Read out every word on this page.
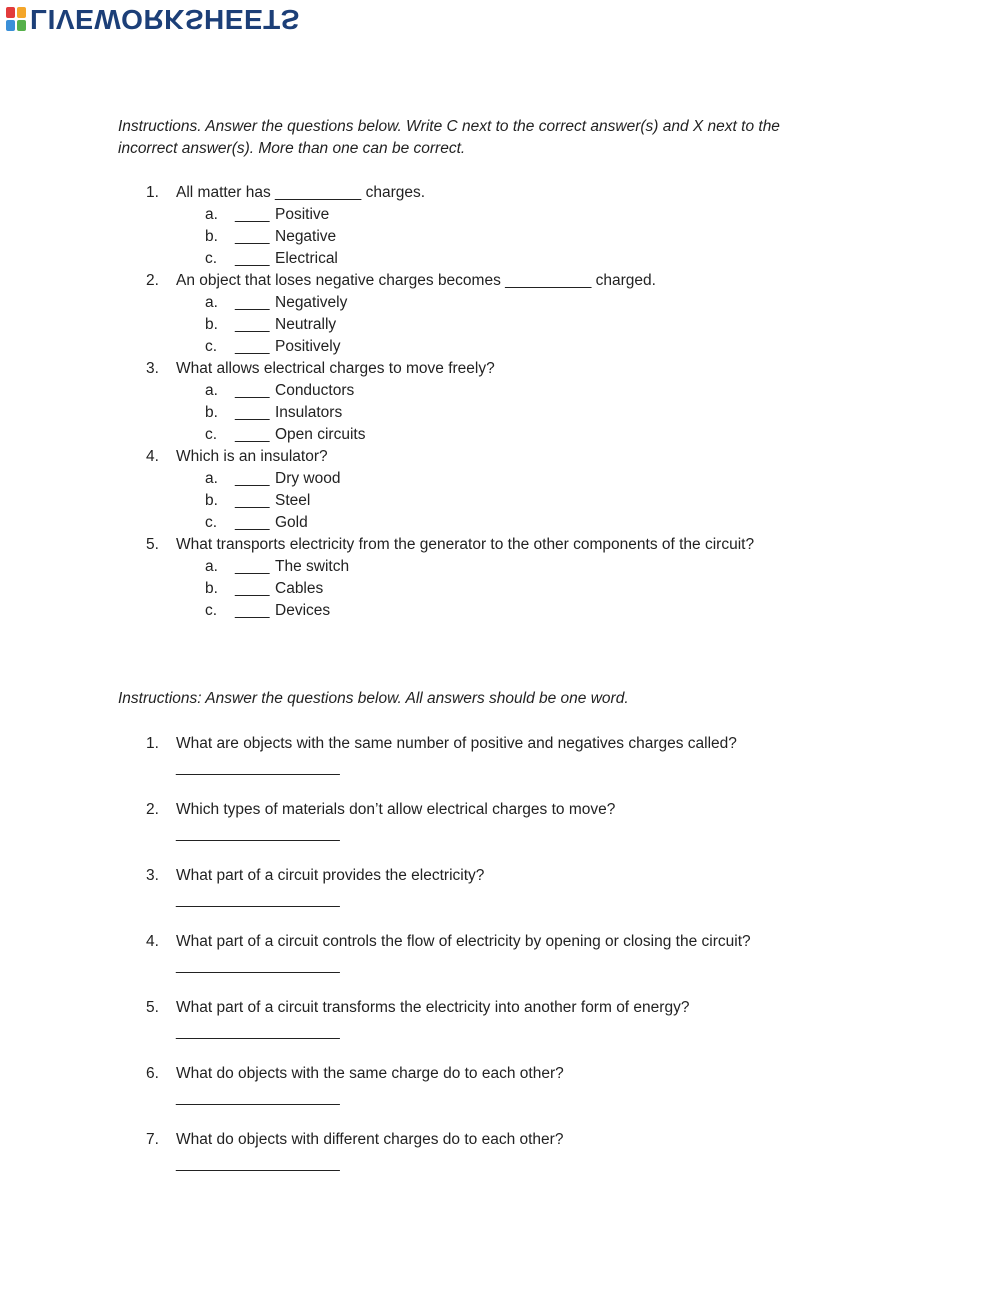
LIVEWORKSHEETS
Instructions. Answer the questions below. Write C next to the correct answer(s) and X next to the incorrect answer(s). More than one can be correct.
1.	All matter has __________ charges.
a.	____ Positive
b.	____ Negative
c.	____ Electrical
2.	An object that loses negative charges becomes __________ charged.
a.	____ Negatively
b.	____ Neutrally
c.	____ Positively
3.	What allows electrical charges to move freely?
a.	____ Conductors
b.	____ Insulators
c.	____ Open circuits
4.	Which is an insulator?
a.	____ Dry wood
b.	____ Steel
c.	____ Gold
5.	What transports electricity from the generator to the other components of the circuit?
a.	____ The switch
b.	____ Cables
c.	____ Devices
Instructions: Answer the questions below. All answers should be one word.
1.	What are objects with the same number of positive and negatives charges called?
___________________
2.	Which types of materials don’t allow electrical charges to move?
___________________
3.	What part of a circuit provides the electricity?
___________________
4.	What part of a circuit controls the flow of electricity by opening or closing the circuit?
___________________
5.	What part of a circuit transforms the electricity into another form of energy?
___________________
6.	What do objects with the same charge do to each other?
___________________
7.	What do objects with different charges do to each other?
___________________
